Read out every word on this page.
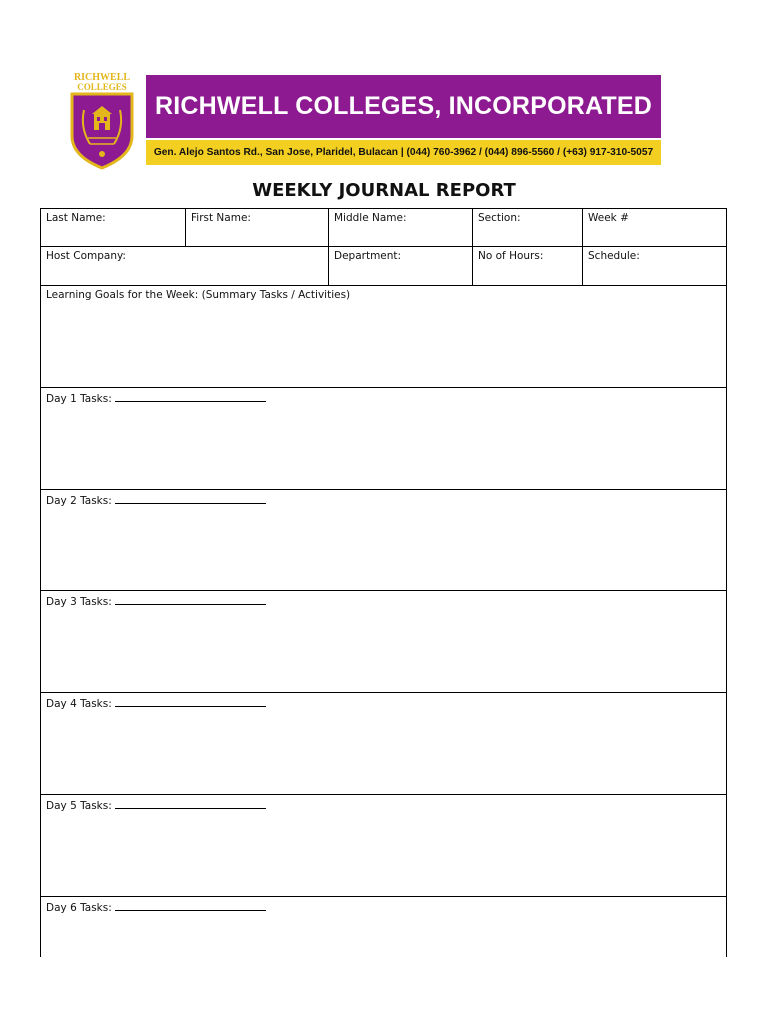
RICHWELL
COLLEGES
RICHWELL COLLEGES, INCORPORATED
Gen. Alejo Santos Rd., San Jose, Plaridel, Bulacan | (044) 760-3962 / (044) 896-5560 / (+63) 917-310-5057
WEEKLY JOURNAL REPORT
Last Name:	First Name:	Middle Name:	Section:	Week #
Host Company:	Department:	No of Hours:	Schedule:
Learning Goals for the Week: (Summary Tasks / Activities)
Day 1 Tasks:
Day 2 Tasks:
Day 3 Tasks:
Day 4 Tasks:
Day 5 Tasks:
Day 6 Tasks:
